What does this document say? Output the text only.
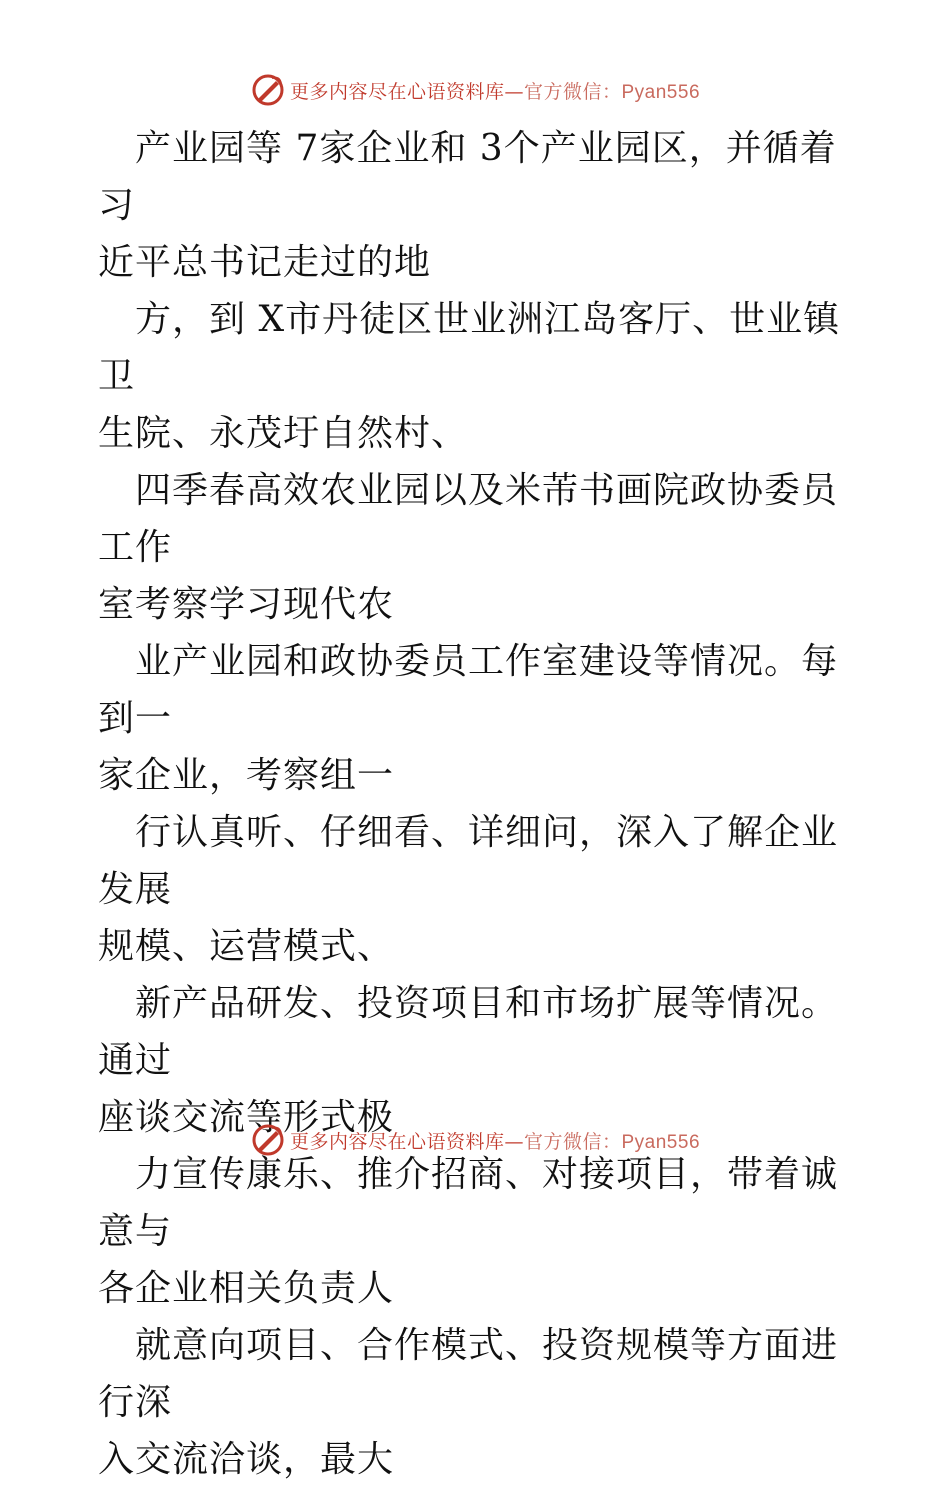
更多内容尽在心语资料库—官方微信：Pyan556

产业园等 7家企业和 3个产业园区，并循着习
近平总书记走过的地

方，到 X市丹徒区世业洲江岛客厅、世业镇卫
生院、永茂圩自然村、

四季春高效农业园以及米芾书画院政协委员工作
室考察学习现代农

业产业园和政协委员工作室建设等情况。每到一
家企业，考察组一

行认真听、仔细看、详细问，深入了解企业发展
规模、运营模式、

新产品研发、投资项目和市场扩展等情况。通过
座谈交流等形式极

力宣传康乐、推介招商、对接项目，带着诚意与
各企业相关负责人

就意向项目、合作模式、投资规模等方面进行深
入交流洽谈，最大

更多内容尽在心语资料库—官方微信：Pyan556
